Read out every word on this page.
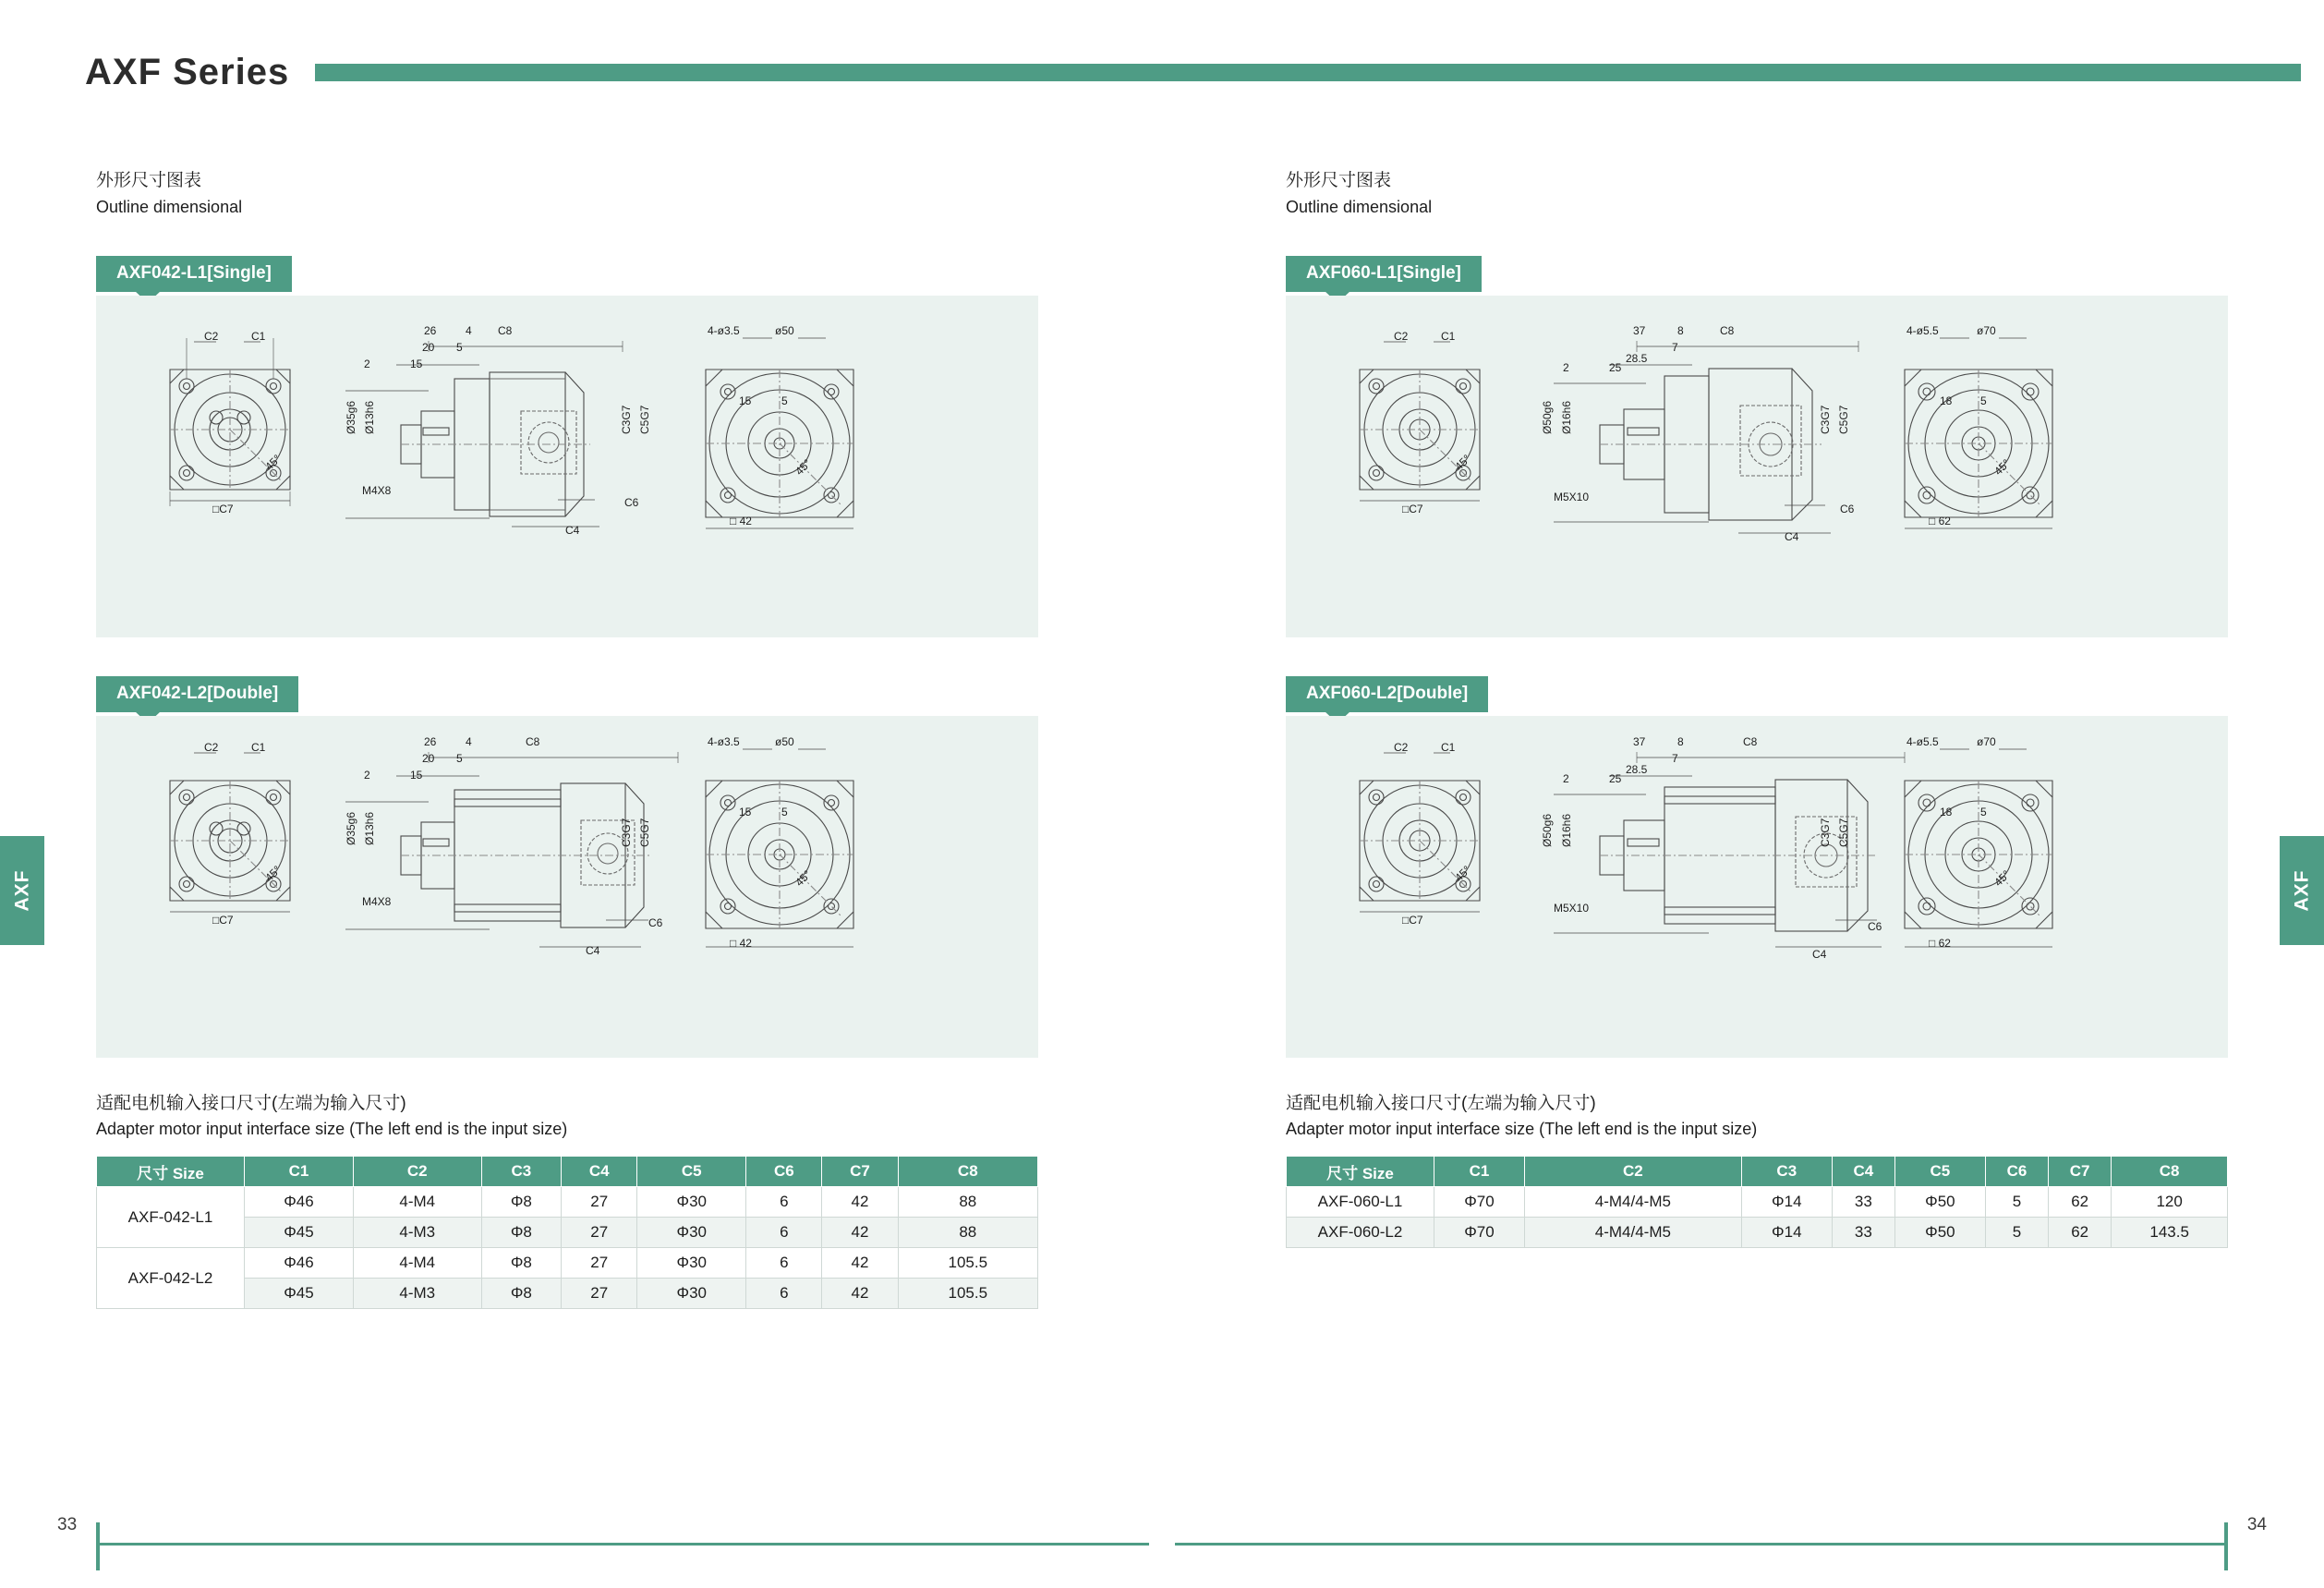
AXF Series
AXF	AXF
外形尺寸图表
Outline dimensional
AXF042-L1[Single]
C2	C1
45°
□C7
C8
26	4
20 5
2	15
Ø35g6 Ø13h6
M4X8
C4
C6
4-ø3.5	ø50
15	5
C3G7 C5G7
45°
□ 42
AXF042-L2[Double]
C2	C1
45°
□C7
C8
26	4
20 5
2	15
Ø35g6 Ø13h6
M4X8
C4
C6
4-ø3.5	ø50
15	5
C3G7 C5G7
45°
□ 42
适配电机输入接口尺寸(左端为输入尺寸)
Adapter motor input interface size (The left end is the input size)
尺寸 Size	C1	C2	C3	C4	C5	C6	C7	C8
AXF-042-L1	Φ46	4-M4	Φ8	27	Φ30	6	42	88
	Φ45	4-M3	Φ8	27	Φ30	6	42	88
AXF-042-L2	Φ46	4-M4	Φ8	27	Φ30	6	42	105.5
	Φ45	4-M3	Φ8	27	Φ30	6	42	105.5
外形尺寸图表
Outline dimensional
AXF060-L1[Single]
C2	C1
45°
□C7
C8
37	8
7
28.5
2	25
Ø50g6 Ø16h6
M5X10
C4
C6
4-ø5.5	ø70
18	5
C3G7 C5G7
45°
□ 62
AXF060-L2[Double]
C2	C1
45°
□C7
C8
37	8
7
28.5
2	25
Ø50g6 Ø16h6
M5X10
C4
C6
4-ø5.5	ø70
18	5
C3G7 C5G7
45°
□ 62
适配电机输入接口尺寸(左端为输入尺寸)
Adapter motor input interface size (The left end is the input size)
尺寸 Size	C1	C2	C3	C4	C5	C6	C7	C8
AXF-060-L1	Φ70	4-M4/4-M5	Φ14	33	Φ50	5	62	120
AXF-060-L2	Φ70	4-M4/4-M5	Φ14	33	Φ50	5	62	143.5
33	34
